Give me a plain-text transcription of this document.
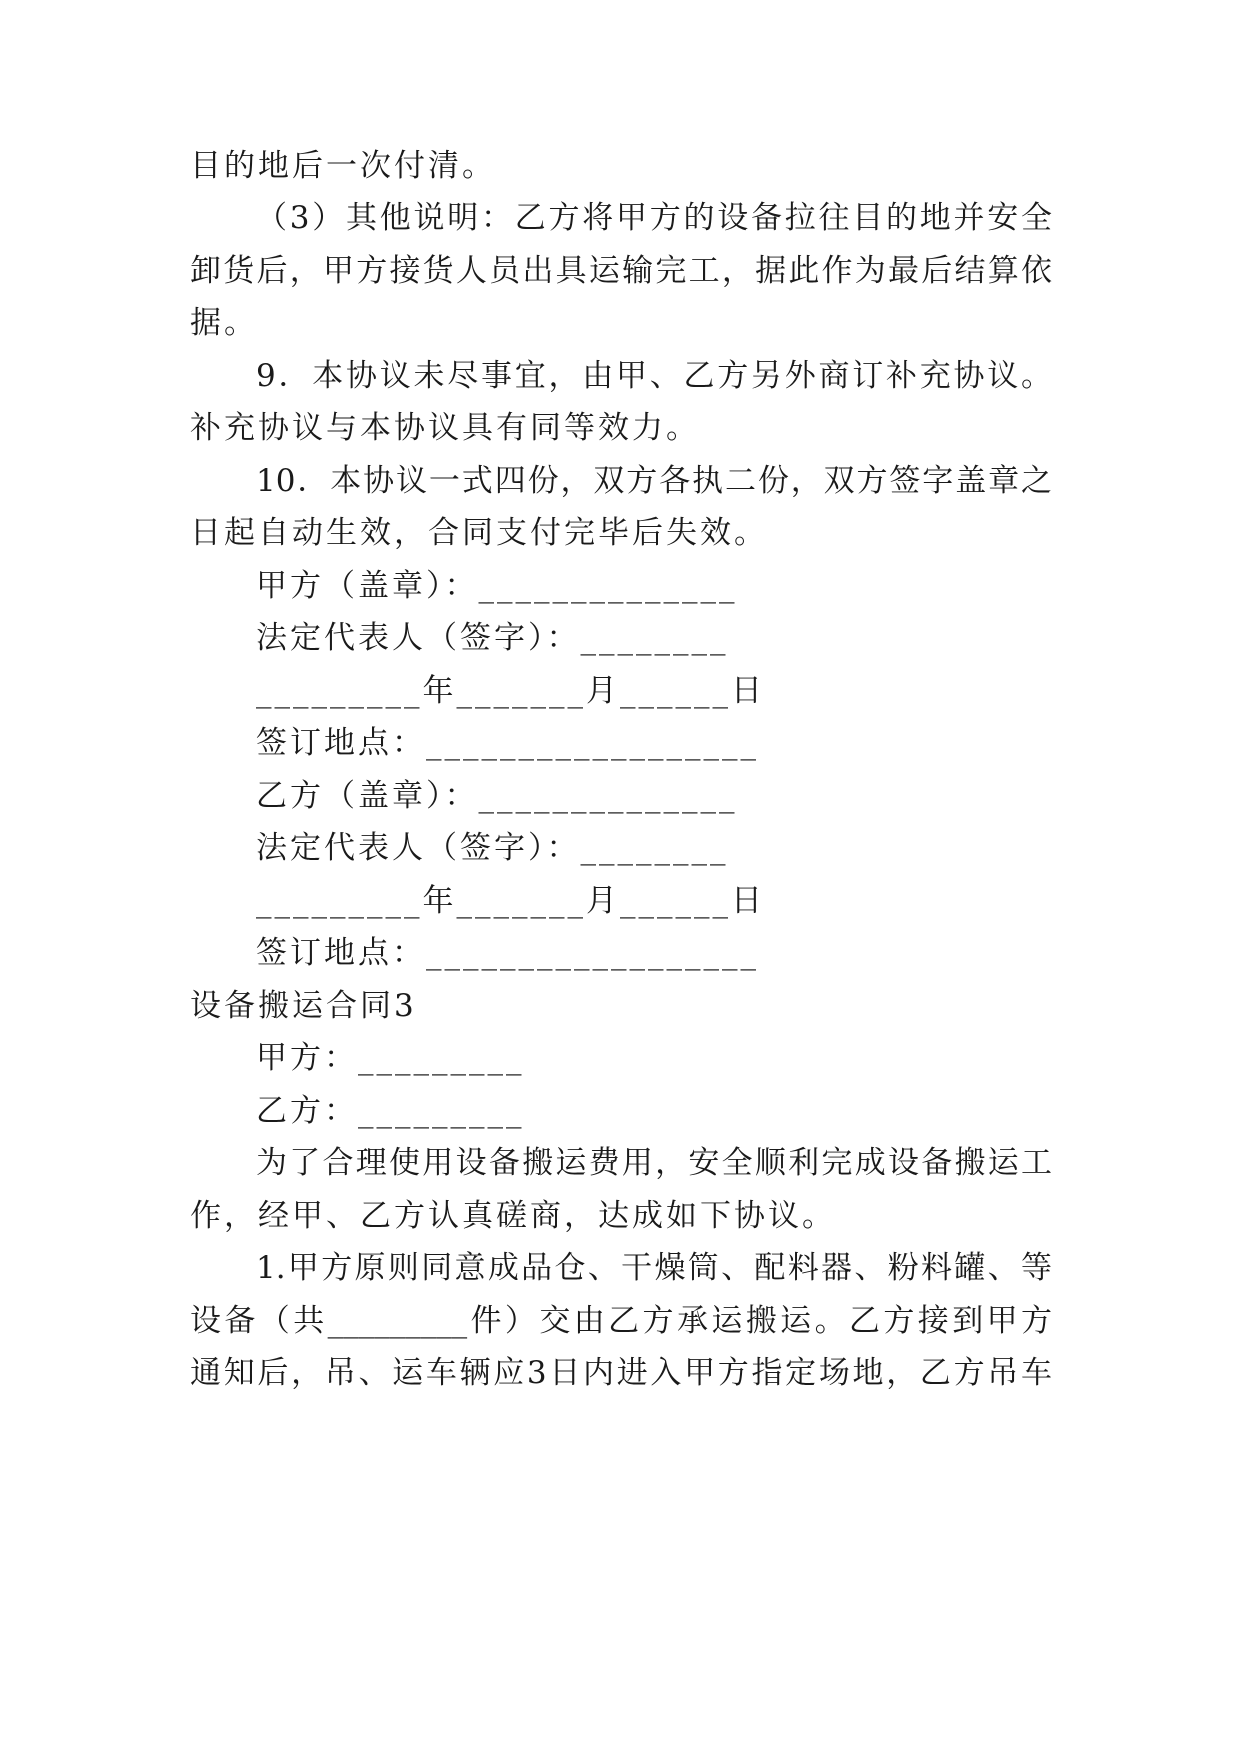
目的地后一次付清。
（3）其他说明：乙方将甲方的设备拉往目的地并安全
卸货后，甲方接货人员出具运输完工，据此作为最后结算依
据。
9．本协议未尽事宜，由甲、乙方另外商订补充协议。
补充协议与本协议具有同等效力。
10．本协议一式四份，双方各执二份，双方签字盖章之
日起自动生效，合同支付完毕后失效。
甲方（盖章）：______________
法定代表人（签字）：________
_________年_______月______日
签订地点：__________________
乙方（盖章）：______________
法定代表人（签字）：________
_________年_______月______日
签订地点：__________________
设备搬运合同3
甲方：_________
乙方：_________
为了合理使用设备搬运费用，安全顺利完成设备搬运工
作，经甲、乙方认真磋商，达成如下协议。
1.甲方原则同意成品仓、干燥筒、配料器、粉料罐、等
设备（共_________件）交由乙方承运搬运。乙方接到甲方
通知后，吊、运车辆应3日内进入甲方指定场地，乙方吊车
